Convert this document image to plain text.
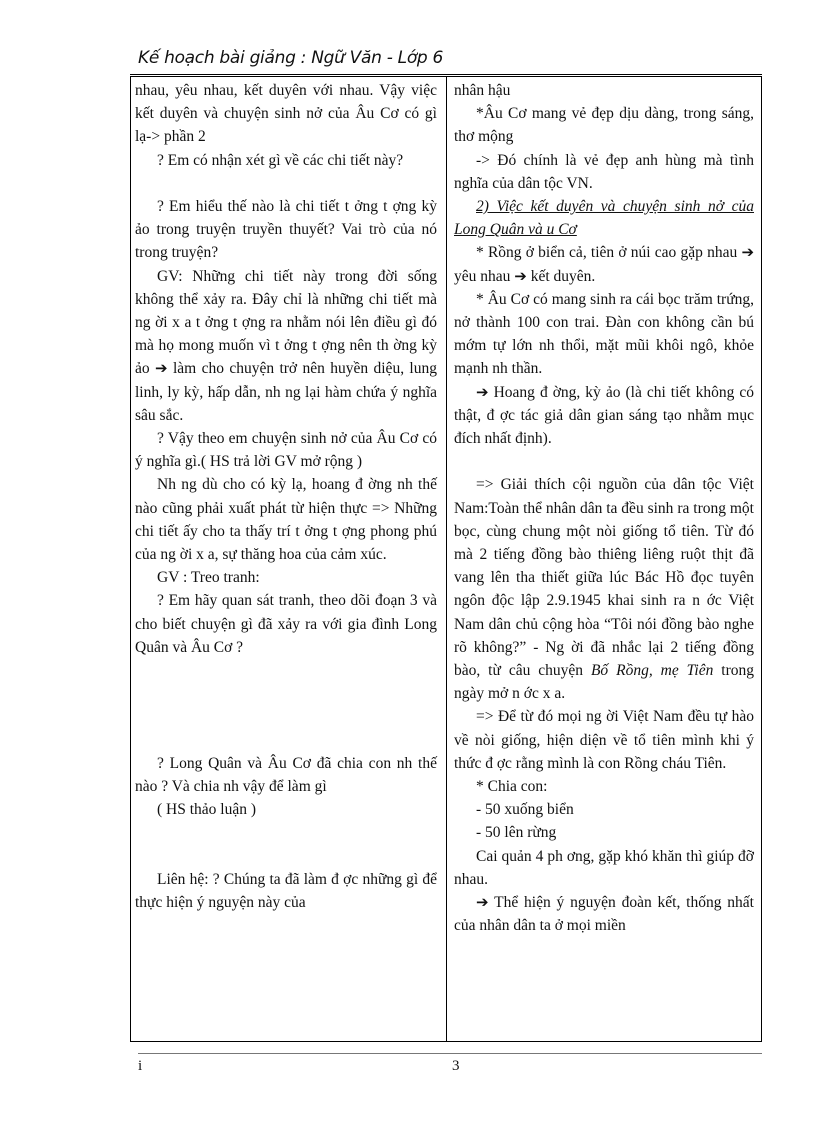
Kế hoạch bài giảng : Ngữ Văn - Lớp 6

nhau, yêu nhau, kết duyên với nhau. Vậy việc kết duyên và chuyện sinh nở của Âu Cơ có gì lạ-> phần 2

? Em có nhận xét gì về các chi tiết này?

? Em hiểu thế nào là chi tiết t ởng t ợng kỳ ảo trong truyện truyền thuyết? Vai trò của nó trong truyện?

GV: Những chi tiết này trong đời sống không thể xảy ra. Đây chỉ là những chi tiết mà ng ời x a t ởng t ợng ra nhằm nói lên điều gì đó mà họ mong muốn vì t ởng t ợng nên th ờng kỳ ảo ➔ làm cho chuyện trở nên huyền diệu, lung linh, ly kỳ, hấp dẫn, nh ng lại hàm chứa ý nghĩa sâu sắc.

? Vậy theo em chuyện sinh nở của Âu Cơ có ý nghĩa gì.( HS trả lời GV mở rộng )

Nh ng dù cho có kỳ lạ, hoang đ ờng nh thế nào cũng phải xuất phát từ hiện thực => Những chi tiết ấy cho ta thấy trí t ởng t ợng phong phú của ng ời x a, sự thăng hoa của cảm xúc.

GV : Treo tranh:

? Em hãy quan sát tranh, theo dõi đoạn 3 và cho biết chuyện gì đã xảy ra với gia đình Long Quân và Âu Cơ ?

? Long Quân và Âu Cơ đã chia con nh thế nào ? Và chia nh vậy để làm gì

( HS thảo luận )

Liên hệ: ? Chúng ta đã làm đ ợc những gì để thực hiện ý nguyện này của

nhân hậu

*Âu Cơ mang vẻ đẹp dịu dàng, trong sáng, thơ mộng

-> Đó chính là vẻ đẹp anh hùng mà tình nghĩa của dân tộc VN.

2) Việc kết duyên và chuyện sinh nở của Long Quân và u Cơ

* Rồng ở biển cả, tiên ở núi cao gặp nhau ➔ yêu nhau ➔ kết duyên.

* Âu Cơ có mang sinh ra cái bọc trăm trứng, nở thành 100 con trai. Đàn con không cần bú mớm tự lớn nh thổi, mặt mũi khôi ngô, khỏe mạnh nh thần.

➔ Hoang đ ờng, kỳ ảo (là chi tiết không có thật, đ ợc tác giả dân gian sáng tạo nhằm mục đích nhất định).

=> Giải thích cội nguồn của dân tộc Việt Nam:Toàn thể nhân dân ta đều sinh ra trong một bọc, cùng chung một nòi giống tổ tiên. Từ đó mà 2 tiếng đồng bào thiêng liêng ruột thịt đã vang lên tha thiết giữa lúc Bác Hồ đọc tuyên ngôn độc lập 2.9.1945 khai sinh ra n ớc Việt Nam dân chủ cộng hòa “Tôi nói đồng bào nghe rõ không?” - Ng ời đã nhắc lại 2 tiếng đồng bào, từ câu chuyện Bố Rồng, mẹ Tiên trong ngày mở n ớc x a.

=> Để từ đó mọi ng ời Việt Nam đều tự hào về nòi giống, hiện diện về tổ tiên mình khi ý thức đ ợc rằng mình là con Rồng cháu Tiên.

* Chia con:

- 50 xuống biển

- 50 lên rừng

Cai quản 4 ph ơng, gặp khó khăn thì giúp đỡ nhau.

➔ Thể hiện ý nguyện đoàn kết, thống nhất của nhân dân ta ở mọi miền

i	3
